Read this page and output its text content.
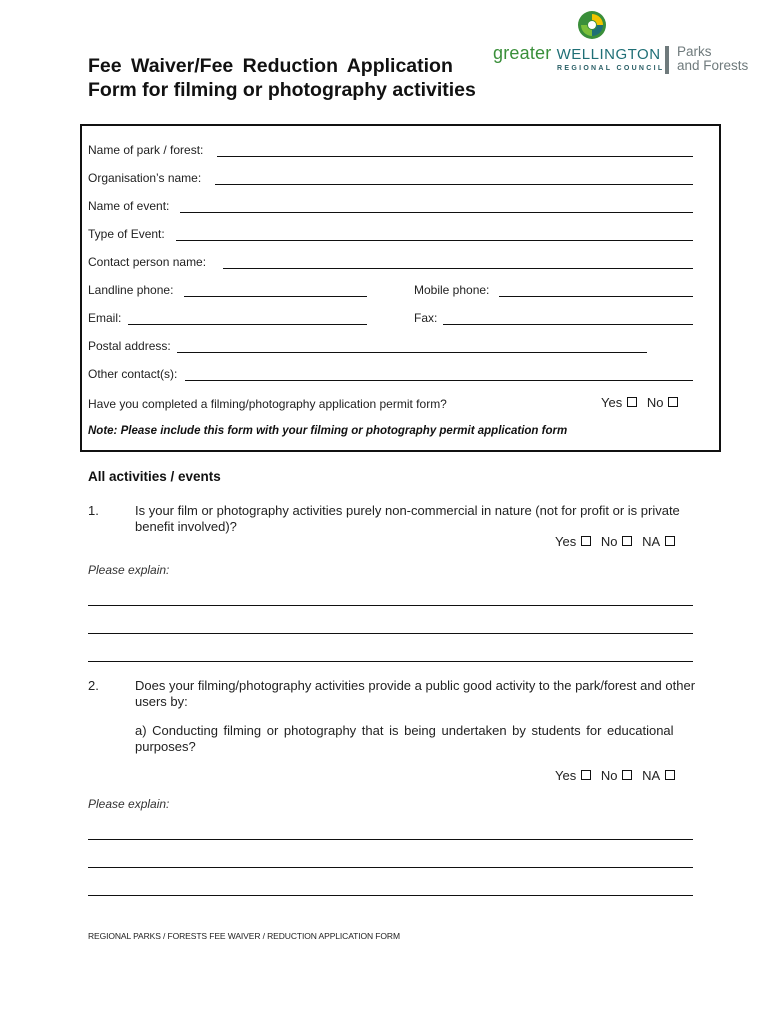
Fee Waiver/Fee Reduction Application
Form for filming or photography activities
greater WELLINGTON
REGIONAL COUNCIL
Parks
and Forests
Name of park / forest:
Organisation’s name:
Name of event:
Type of Event:
Contact person name:
Landline phone:	Mobile phone:
Email:	Fax:
Postal address:
Other contact(s):
Have you completed a filming/photography application permit form?	Yes No
Note: Please include this form with your filming or photography permit application form
All activities / events
1.	Is your film or photography activities purely non-commercial in nature (not for profit or is private benefit involved)?
Yes No NA
Please explain:
2.	Does your filming/photography activities provide a public good activity to the park/forest and other users by:
a) Conducting filming or photography that is being undertaken by students for educational purposes?
Yes No NA
Please explain:
REGIONAL PARKS / FORESTS FEE WAIVER / REDUCTION APPLICATION FORM
